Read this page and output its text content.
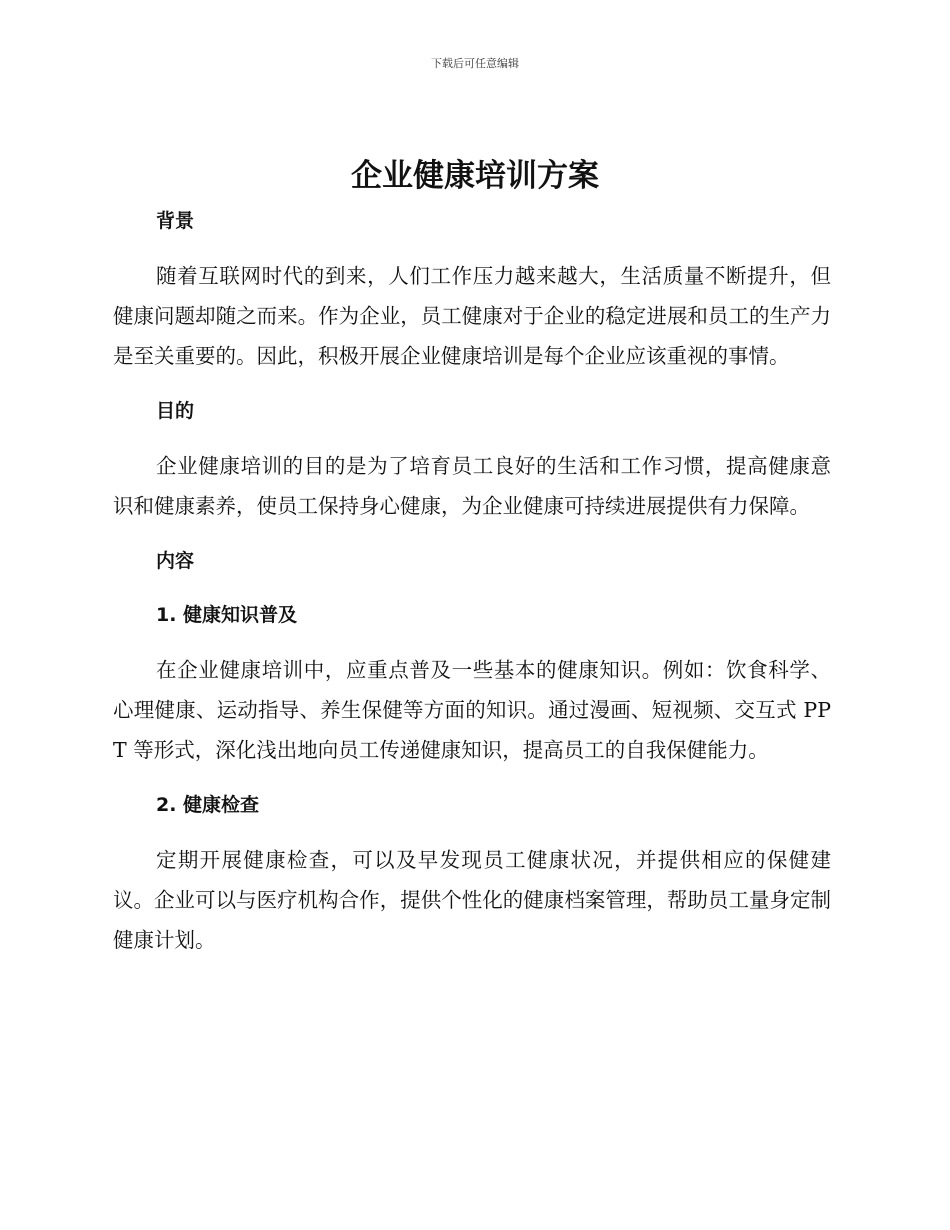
下载后可任意编辑
企业健康培训方案
背景

随着互联网时代的到来，人们工作压力越来越大，生活质量不断提升，但健康问题却随之而来。作为企业，员工健康对于企业的稳定进展和员工的生产力是至关重要的。因此，积极开展企业健康培训是每个企业应该重视的事情。

目的

企业健康培训的目的是为了培育员工良好的生活和工作习惯，提高健康意识和健康素养，使员工保持身心健康，为企业健康可持续进展提供有力保障。

内容
1. 健康知识普及

在企业健康培训中，应重点普及一些基本的健康知识。例如：饮食科学、心理健康、运动指导、养生保健等方面的知识。通过漫画、短视频、交互式 PPT 等形式，深化浅出地向员工传递健康知识，提高员工的自我保健能力。

2. 健康检查

定期开展健康检查，可以及早发现员工健康状况，并提供相应的保健建议。企业可以与医疗机构合作，提供个性化的健康档案管理，帮助员工量身定制健康计划。
